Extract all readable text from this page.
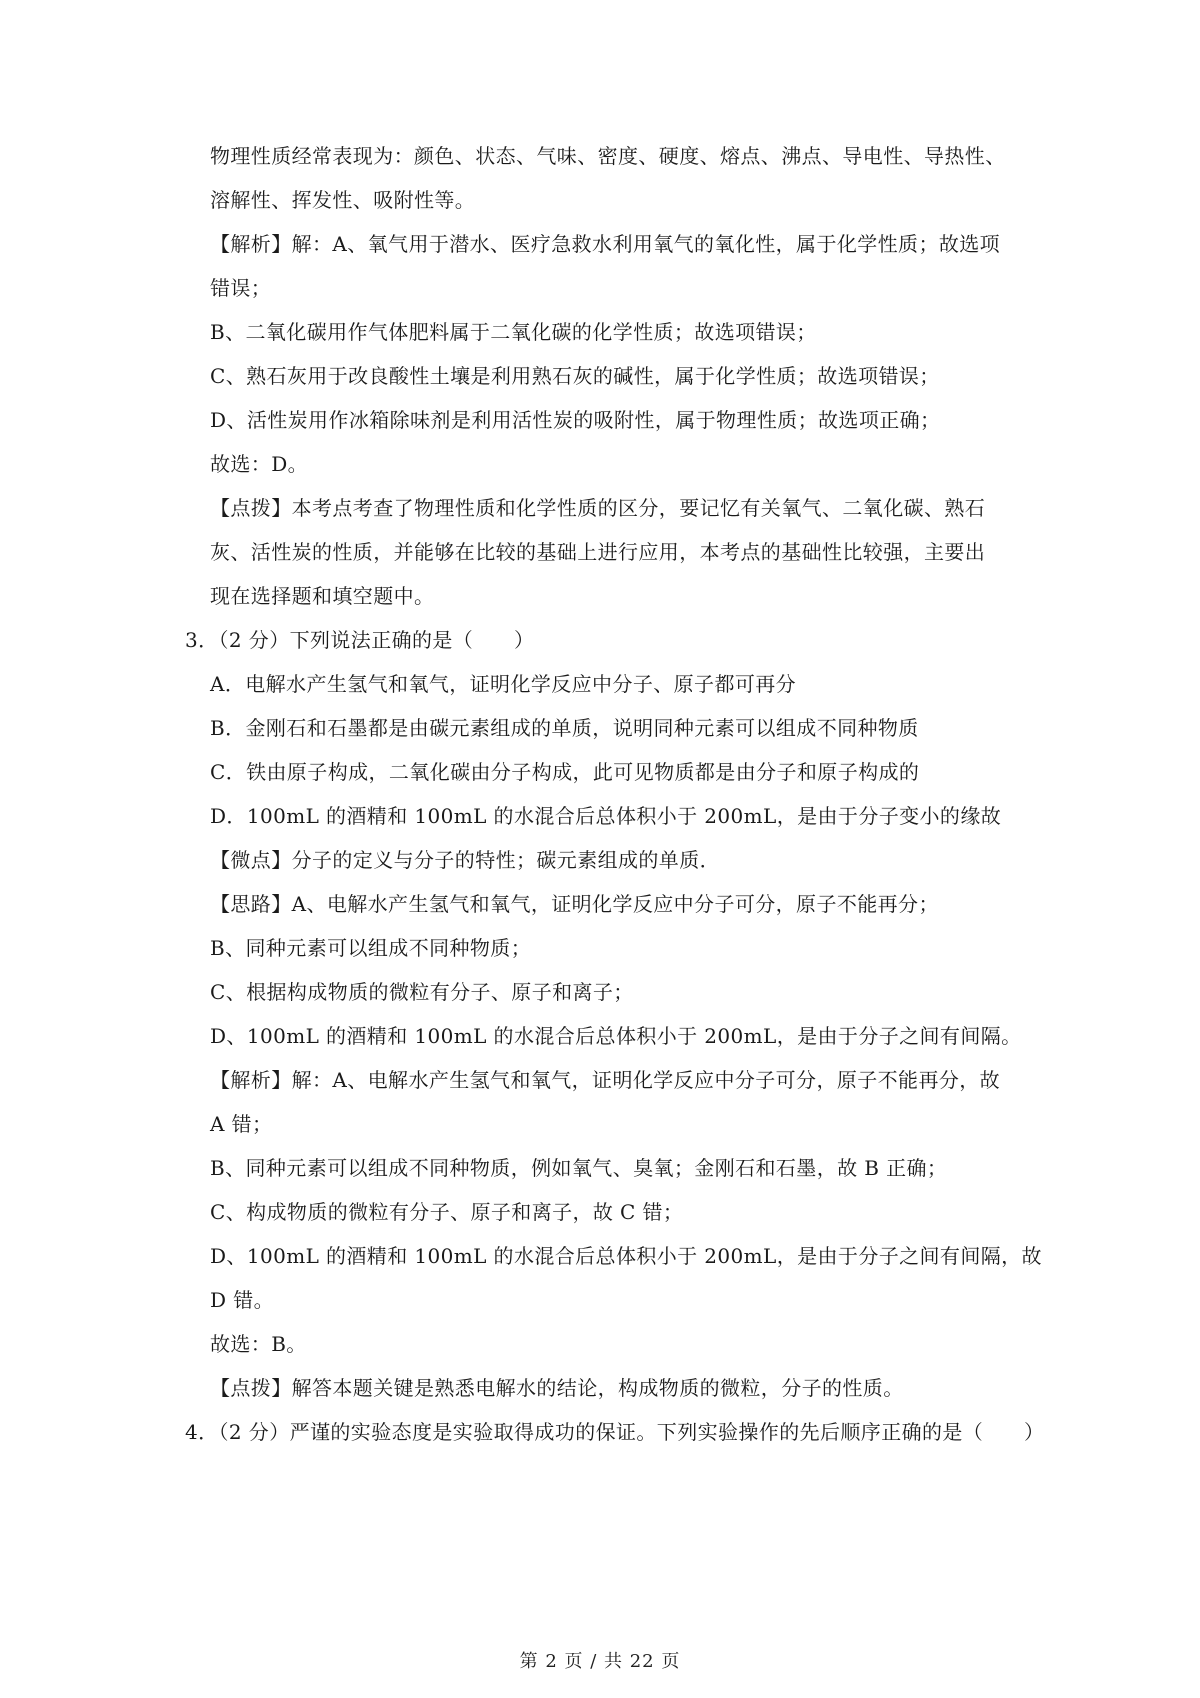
物理性质经常表现为：颜色、状态、气味、密度、硬度、熔点、沸点、导电性、导热性、
溶解性、挥发性、吸附性等。
【解析】解：A、氧气用于潜水、医疗急救水利用氧气的氧化性，属于化学性质；故选项
错误；
B、二氧化碳用作气体肥料属于二氧化碳的化学性质；故选项错误；
C、熟石灰用于改良酸性土壤是利用熟石灰的碱性，属于化学性质；故选项错误；
D、活性炭用作冰箱除味剂是利用活性炭的吸附性，属于物理性质；故选项正确；
故选：D。
【点拨】本考点考查了物理性质和化学性质的区分，要记忆有关氧气、二氧化碳、熟石
灰、活性炭的性质，并能够在比较的基础上进行应用，本考点的基础性比较强，主要出
现在选择题和填空题中。
3．（2 分）下列说法正确的是（　　）
A．电解水产生氢气和氧气，证明化学反应中分子、原子都可再分
B．金刚石和石墨都是由碳元素组成的单质，说明同种元素可以组成不同种物质
C．铁由原子构成，二氧化碳由分子构成，此可见物质都是由分子和原子构成的
D．100mL 的酒精和 100mL 的水混合后总体积小于 200mL，是由于分子变小的缘故
【微点】分子的定义与分子的特性；碳元素组成的单质．
【思路】A、电解水产生氢气和氧气，证明化学反应中分子可分，原子不能再分；
B、同种元素可以组成不同种物质；
C、根据构成物质的微粒有分子、原子和离子；
D、100mL 的酒精和 100mL 的水混合后总体积小于 200mL，是由于分子之间有间隔。
【解析】解：A、电解水产生氢气和氧气，证明化学反应中分子可分，原子不能再分，故
A 错；
B、同种元素可以组成不同种物质，例如氧气、臭氧；金刚石和石墨，故 B 正确；
C、构成物质的微粒有分子、原子和离子，故 C 错；
D、100mL 的酒精和 100mL 的水混合后总体积小于 200mL，是由于分子之间有间隔，故
D 错。
故选：B。
【点拨】解答本题关键是熟悉电解水的结论，构成物质的微粒，分子的性质。
4．（2 分）严谨的实验态度是实验取得成功的保证。下列实验操作的先后顺序正确的是（　　）
第 2 页 / 共 22 页
